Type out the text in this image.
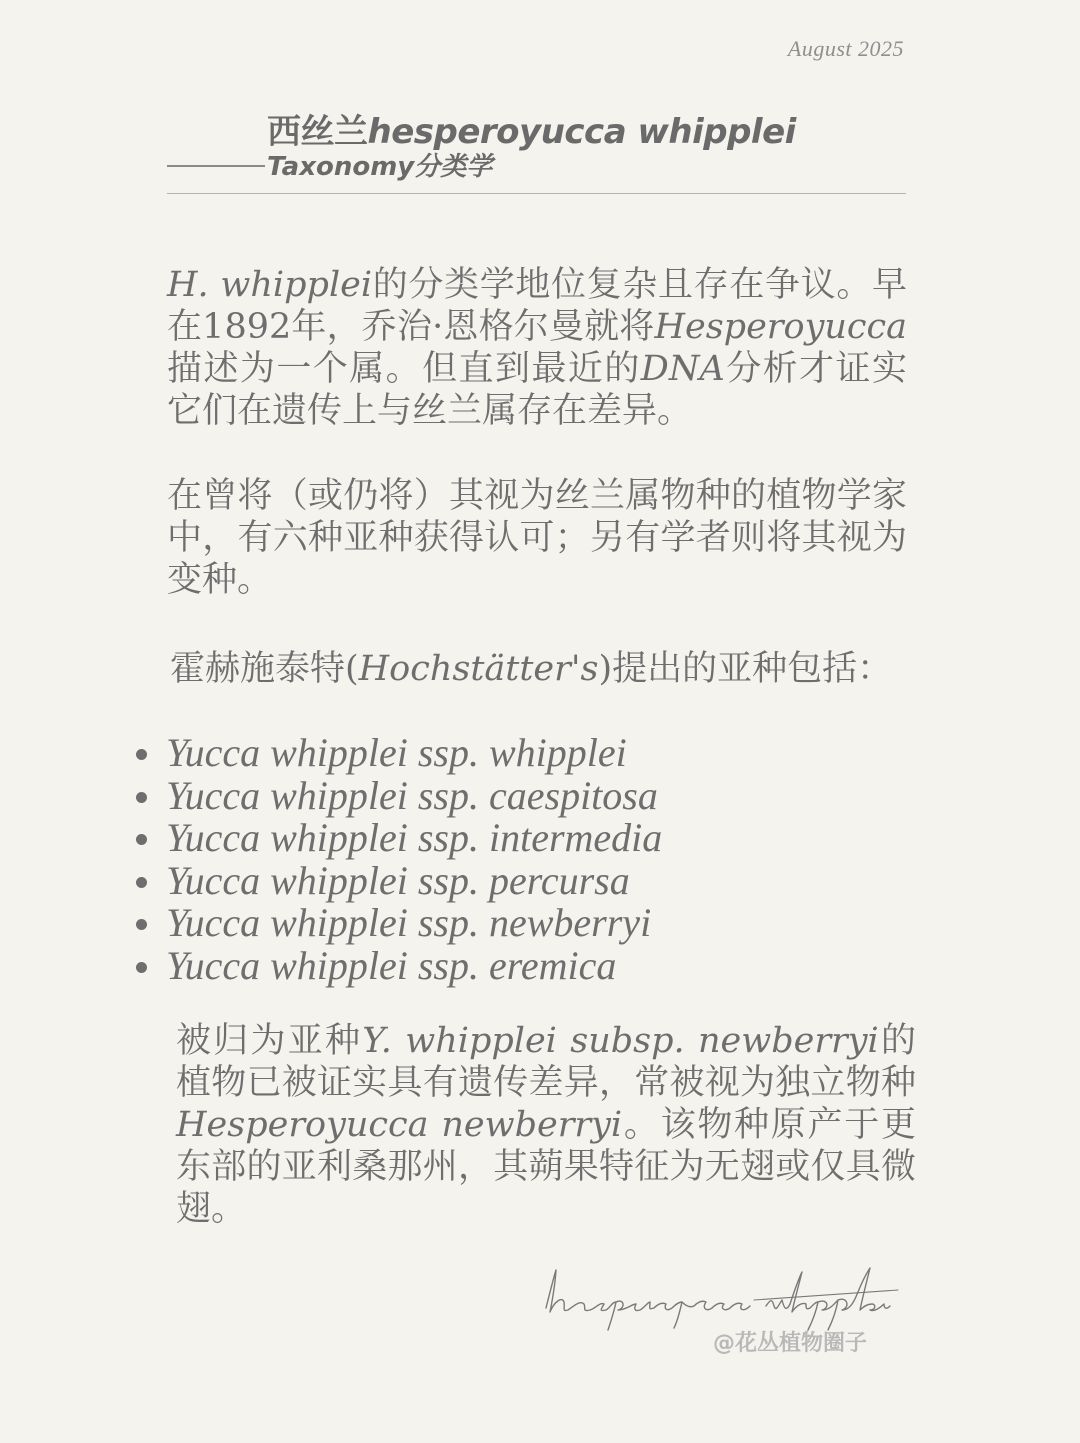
August 2025
西丝兰hesperoyucca whipplei
Taxonomy分类学
H. whipplei的分类学地位复杂且存在争议。早在1892年，乔治·恩格尔曼就将Hesperoyucca描述为一个属。但直到最近的DNA分析才证实它们在遗传上与丝兰属存在差异。
在曾将（或仍将）其视为丝兰属物种的植物学家中，有六种亚种获得认可；另有学者则将其视为变种。
霍赫施泰特(Hochstätter's)提出的亚种包括：
Yucca whipplei ssp. whipplei
Yucca whipplei ssp. caespitosa
Yucca whipplei ssp. intermedia
Yucca whipplei ssp. percursa
Yucca whipplei ssp. newberryi
Yucca whipplei ssp. eremica
被归为亚种Y. whipplei subsp. newberryi的植物已被证实具有遗传差异，常被视为独立物种Hesperoyucca newberryi。该物种原产于更东部的亚利桑那州，其蒴果特征为无翅或仅具微翅。
@花丛植物圈子
